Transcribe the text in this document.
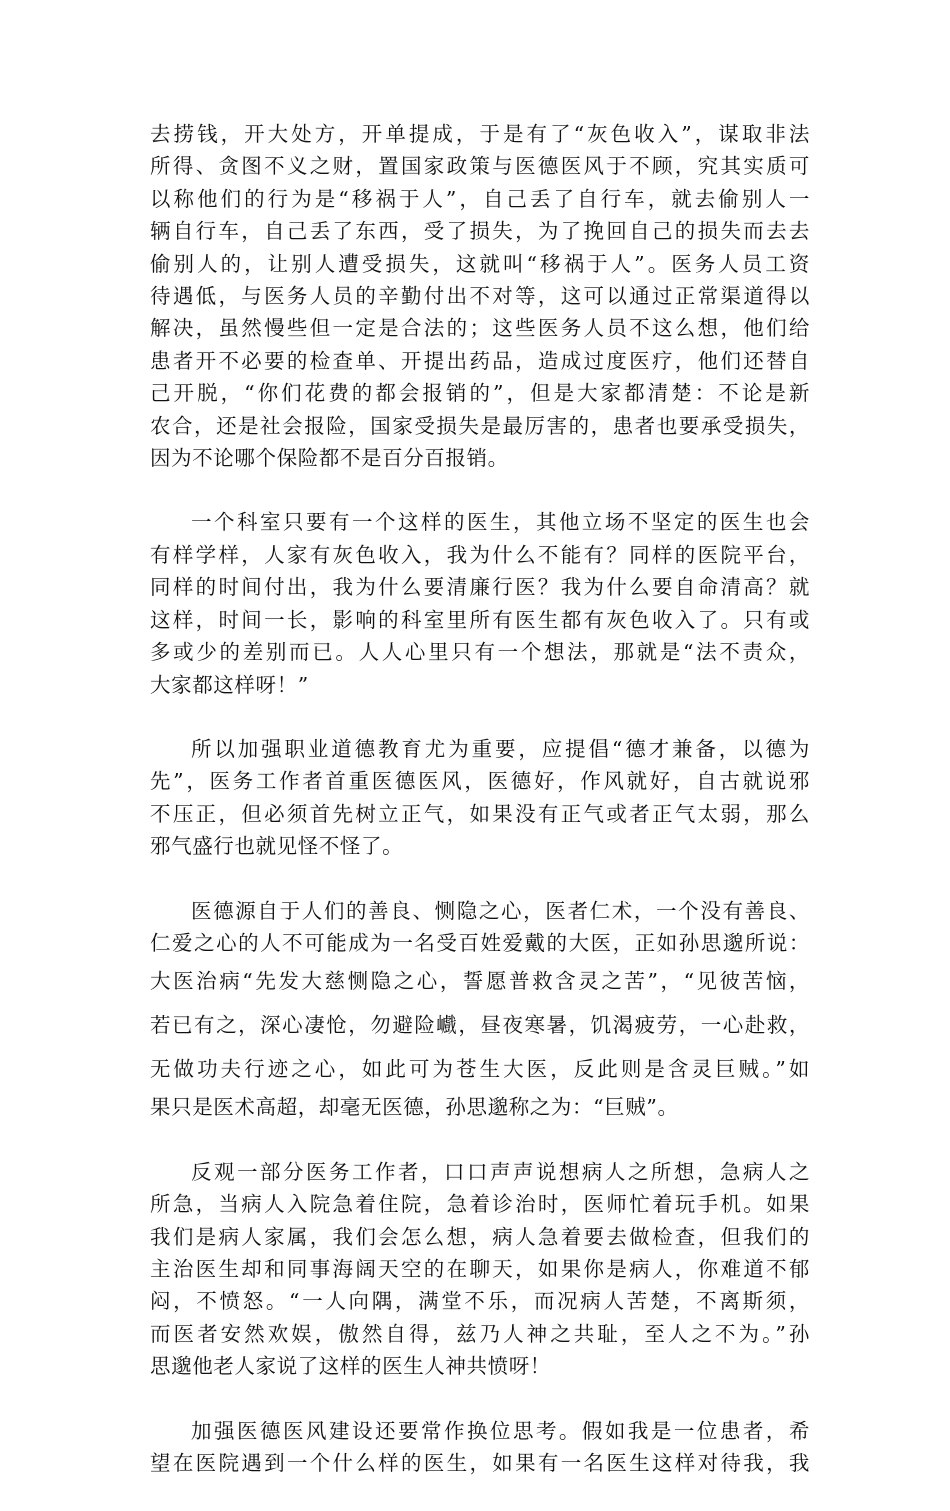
去捞钱，开大处方，开单提成，于是有了“灰色收入”，谋取非法
所得、贪图不义之财，置国家政策与医德医风于不顾，究其实质可
以称他们的行为是“移祸于人”，自己丢了自行车，就去偷别人一
辆自行车，自己丢了东西，受了损失，为了挽回自己的损失而去去
偷别人的，让别人遭受损失，这就叫“移祸于人”。医务人员工资
待遇低，与医务人员的辛勤付出不对等，这可以通过正常渠道得以
解决，虽然慢些但一定是合法的；这些医务人员不这么想，他们给
患者开不必要的检查单、开提出药品，造成过度医疗，他们还替自
己开脱，“你们花费的都会报销的”，但是大家都清楚：不论是新
农合，还是社会报险，国家受损失是最厉害的，患者也要承受损失，
因为不论哪个保险都不是百分百报销。
一个科室只要有一个这样的医生，其他立场不坚定的医生也会
有样学样，人家有灰色收入，我为什么不能有？同样的医院平台，
同样的时间付出，我为什么要清廉行医？我为什么要自命清高？就
这样，时间一长，影响的科室里所有医生都有灰色收入了。只有或
多或少的差别而已。人人心里只有一个想法，那就是“法不责众，
大家都这样呀！”
所以加强职业道德教育尤为重要，应提倡“德才兼备，以德为
先”，医务工作者首重医德医风，医德好，作风就好，自古就说邪
不压正，但必须首先树立正气，如果没有正气或者正气太弱，那么
邪气盛行也就见怪不怪了。
医德源自于人们的善良、恻隐之心，医者仁术，一个没有善良、
仁爱之心的人不可能成为一名受百姓爱戴的大医，正如孙思邈所说：
大医治病“先发大慈恻隐之心，誓愿普救含灵之苦”，“见彼苦恼，
若已有之，深心凄怆，勿避险巇，昼夜寒暑，饥渴疲劳，一心赴救，
无做功夫行迹之心，如此可为苍生大医，反此则是含灵巨贼。”如
果只是医术高超，却毫无医德，孙思邈称之为：“巨贼”。
反观一部分医务工作者，口口声声说想病人之所想，急病人之
所急，当病人入院急着住院，急着诊治时，医师忙着玩手机。如果
我们是病人家属，我们会怎么想，病人急着要去做检查，但我们的
主治医生却和同事海阔天空的在聊天，如果你是病人，你难道不郁
闷，不愤怒。“一人向隅，满堂不乐，而况病人苦楚，不离斯须，
而医者安然欢娱，傲然自得，兹乃人神之共耻，至人之不为。”孙
思邈他老人家说了这样的医生人神共愤呀！
加强医德医风建设还要常作换位思考。假如我是一位患者，希
望在医院遇到一个什么样的医生，如果有一名医生这样对待我，我
